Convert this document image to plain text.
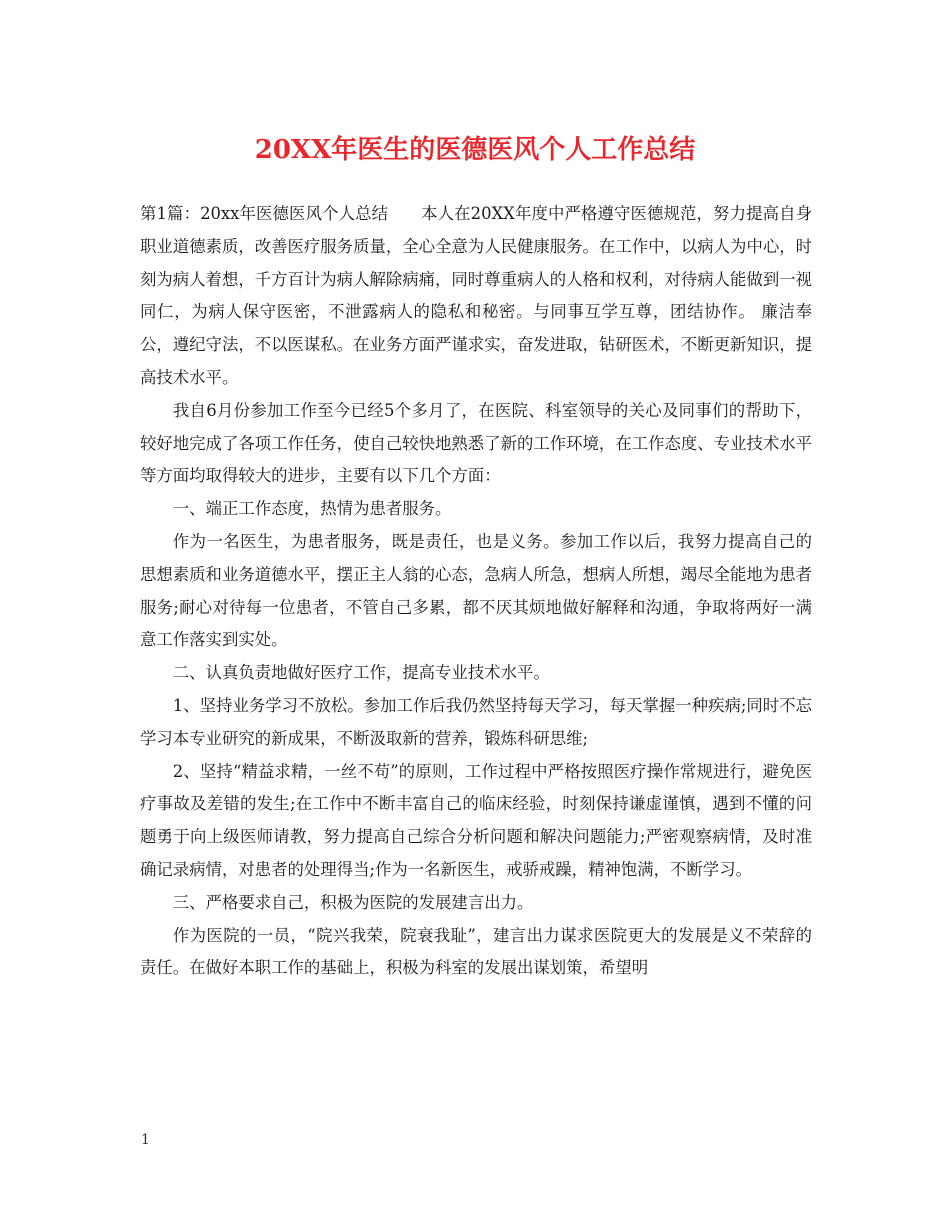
20XX年医生的医德医风个人工作总结

第1篇：20xx年医德医风个人总结　　本人在20XX年度中严格遵守医德规范，努力提高自身职业道德素质，改善医疗服务质量，全心全意为人民健康服务。在工作中，以病人为中心，时刻为病人着想，千方百计为病人解除病痛，同时尊重病人的人格和权利，对待病人能做到一视同仁，为病人保守医密，不泄露病人的隐私和秘密。与同事互学互尊，团结协作。 廉洁奉公，遵纪守法，不以医谋私。在业务方面严谨求实，奋发进取，钻研医术，不断更新知识，提高技术水平。

我自6月份参加工作至今已经5个多月了，在医院、科室领导的关心及同事们的帮助下，较好地完成了各项工作任务，使自己较快地熟悉了新的工作环境，在工作态度、专业技术水平等方面均取得较大的进步，主要有以下几个方面：

一、端正工作态度，热情为患者服务。

作为一名医生，为患者服务，既是责任，也是义务。参加工作以后，我努力提高自己的思想素质和业务道德水平，摆正主人翁的心态，急病人所急，想病人所想，竭尽全能地为患者服务;耐心对待每一位患者，不管自己多累，都不厌其烦地做好解释和沟通，争取将两好一满意工作落实到实处。

二、认真负责地做好医疗工作，提高专业技术水平。

1、坚持业务学习不放松。参加工作后我仍然坚持每天学习，每天掌握一种疾病;同时不忘学习本专业研究的新成果，不断汲取新的营养，锻炼科研思维;

2、坚持“精益求精，一丝不苟”的原则，工作过程中严格按照医疗操作常规进行，避免医疗事故及差错的发生;在工作中不断丰富自己的临床经验，时刻保持谦虚谨慎，遇到不懂的问题勇于向上级医师请教，努力提高自己综合分析问题和解决问题能力;严密观察病情，及时准确记录病情，对患者的处理得当;作为一名新医生，戒骄戒躁，精神饱满，不断学习。

三、严格要求自己，积极为医院的发展建言出力。

作为医院的一员，“院兴我荣，院衰我耻”，建言出力谋求医院更大的发展是义不荣辞的责任。在做好本职工作的基础上，积极为科室的发展出谋划策，希望明

1
